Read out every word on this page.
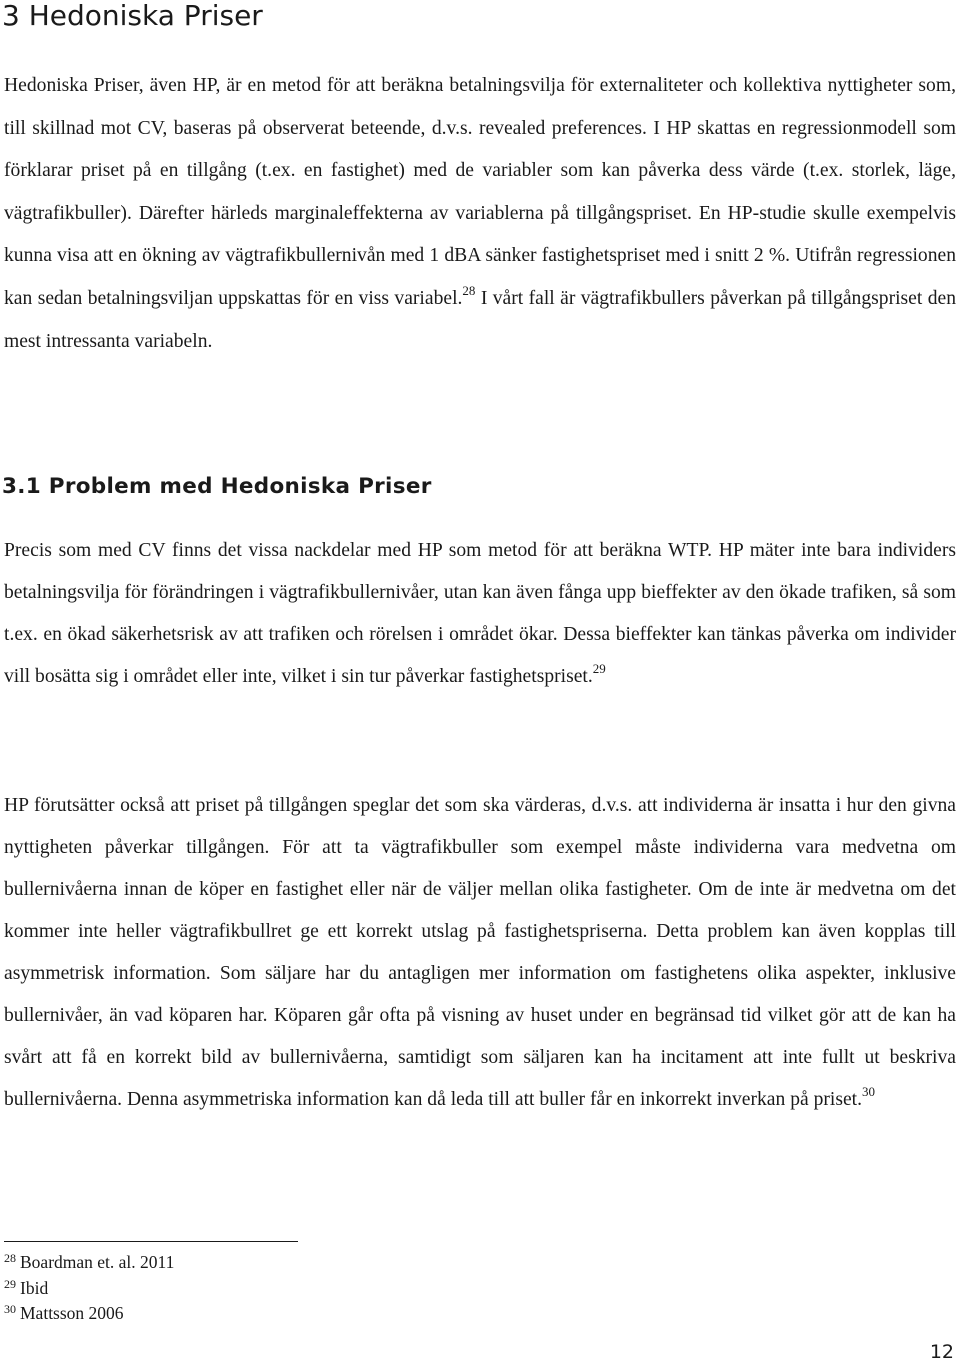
3 Hedoniska Priser

Hedoniska Priser, även HP, är en metod för att beräkna betalningsvilja för externaliteter och kollektiva nyttigheter som, till skillnad mot CV, baseras på observerat beteende, d.v.s. revealed preferences. I HP skattas en regressionmodell som förklarar priset på en tillgång (t.ex. en fastighet) med de variabler som kan påverka dess värde (t.ex. storlek, läge, vägtrafikbuller). Därefter härleds marginaleffekterna av variablerna på tillgångspriset. En HP-studie skulle exempelvis kunna visa att en ökning av vägtrafikbullernivån med 1 dBA sänker fastighetspriset med i snitt 2 %. Utifrån regressionen kan sedan betalningsviljan uppskattas för en viss variabel.$^{28}$ I vårt fall är vägtrafikbullers påverkan på tillgångspriset den mest intressanta variabeln.

3.1 Problem med Hedoniska Priser

Precis som med CV finns det vissa nackdelar med HP som metod för att beräkna WTP. HP mäter inte bara individers betalningsvilja för förändringen i vägtrafikbullernivåer, utan kan även fånga upp bieffekter av den ökade trafiken, så som t.ex. en ökad säkerhetsrisk av att trafiken och rörelsen i området ökar. Dessa bieffekter kan tänkas påverka om individer vill bosätta sig i området eller inte, vilket i sin tur påverkar fastighetspriset.$^{29}$

HP förutsätter också att priset på tillgången speglar det som ska värderas, d.v.s. att individerna är insatta i hur den givna nyttigheten påverkar tillgången. För att ta vägtrafikbuller som exempel måste individerna vara medvetna om bullernivåerna innan de köper en fastighet eller när de väljer mellan olika fastigheter. Om de inte är medvetna om det kommer inte heller vägtrafikbullret ge ett korrekt utslag på fastighetspriserna. Detta problem kan även kopplas till asymmetrisk information. Som säljare har du antagligen mer information om fastighetens olika aspekter, inklusive bullernivåer, än vad köparen har. Köparen går ofta på visning av huset under en begränsad tid vilket gör att de kan ha svårt att få en korrekt bild av bullernivåerna, samtidigt som säljaren kan ha incitament att inte fullt ut beskriva bullernivåerna. Denna asymmetriska information kan då leda till att buller får en inkorrekt inverkan på priset.$^{30}$

$^{28}$ Boardman et. al. 2011
$^{29}$ Ibid
$^{30}$ Mattsson 2006
12
